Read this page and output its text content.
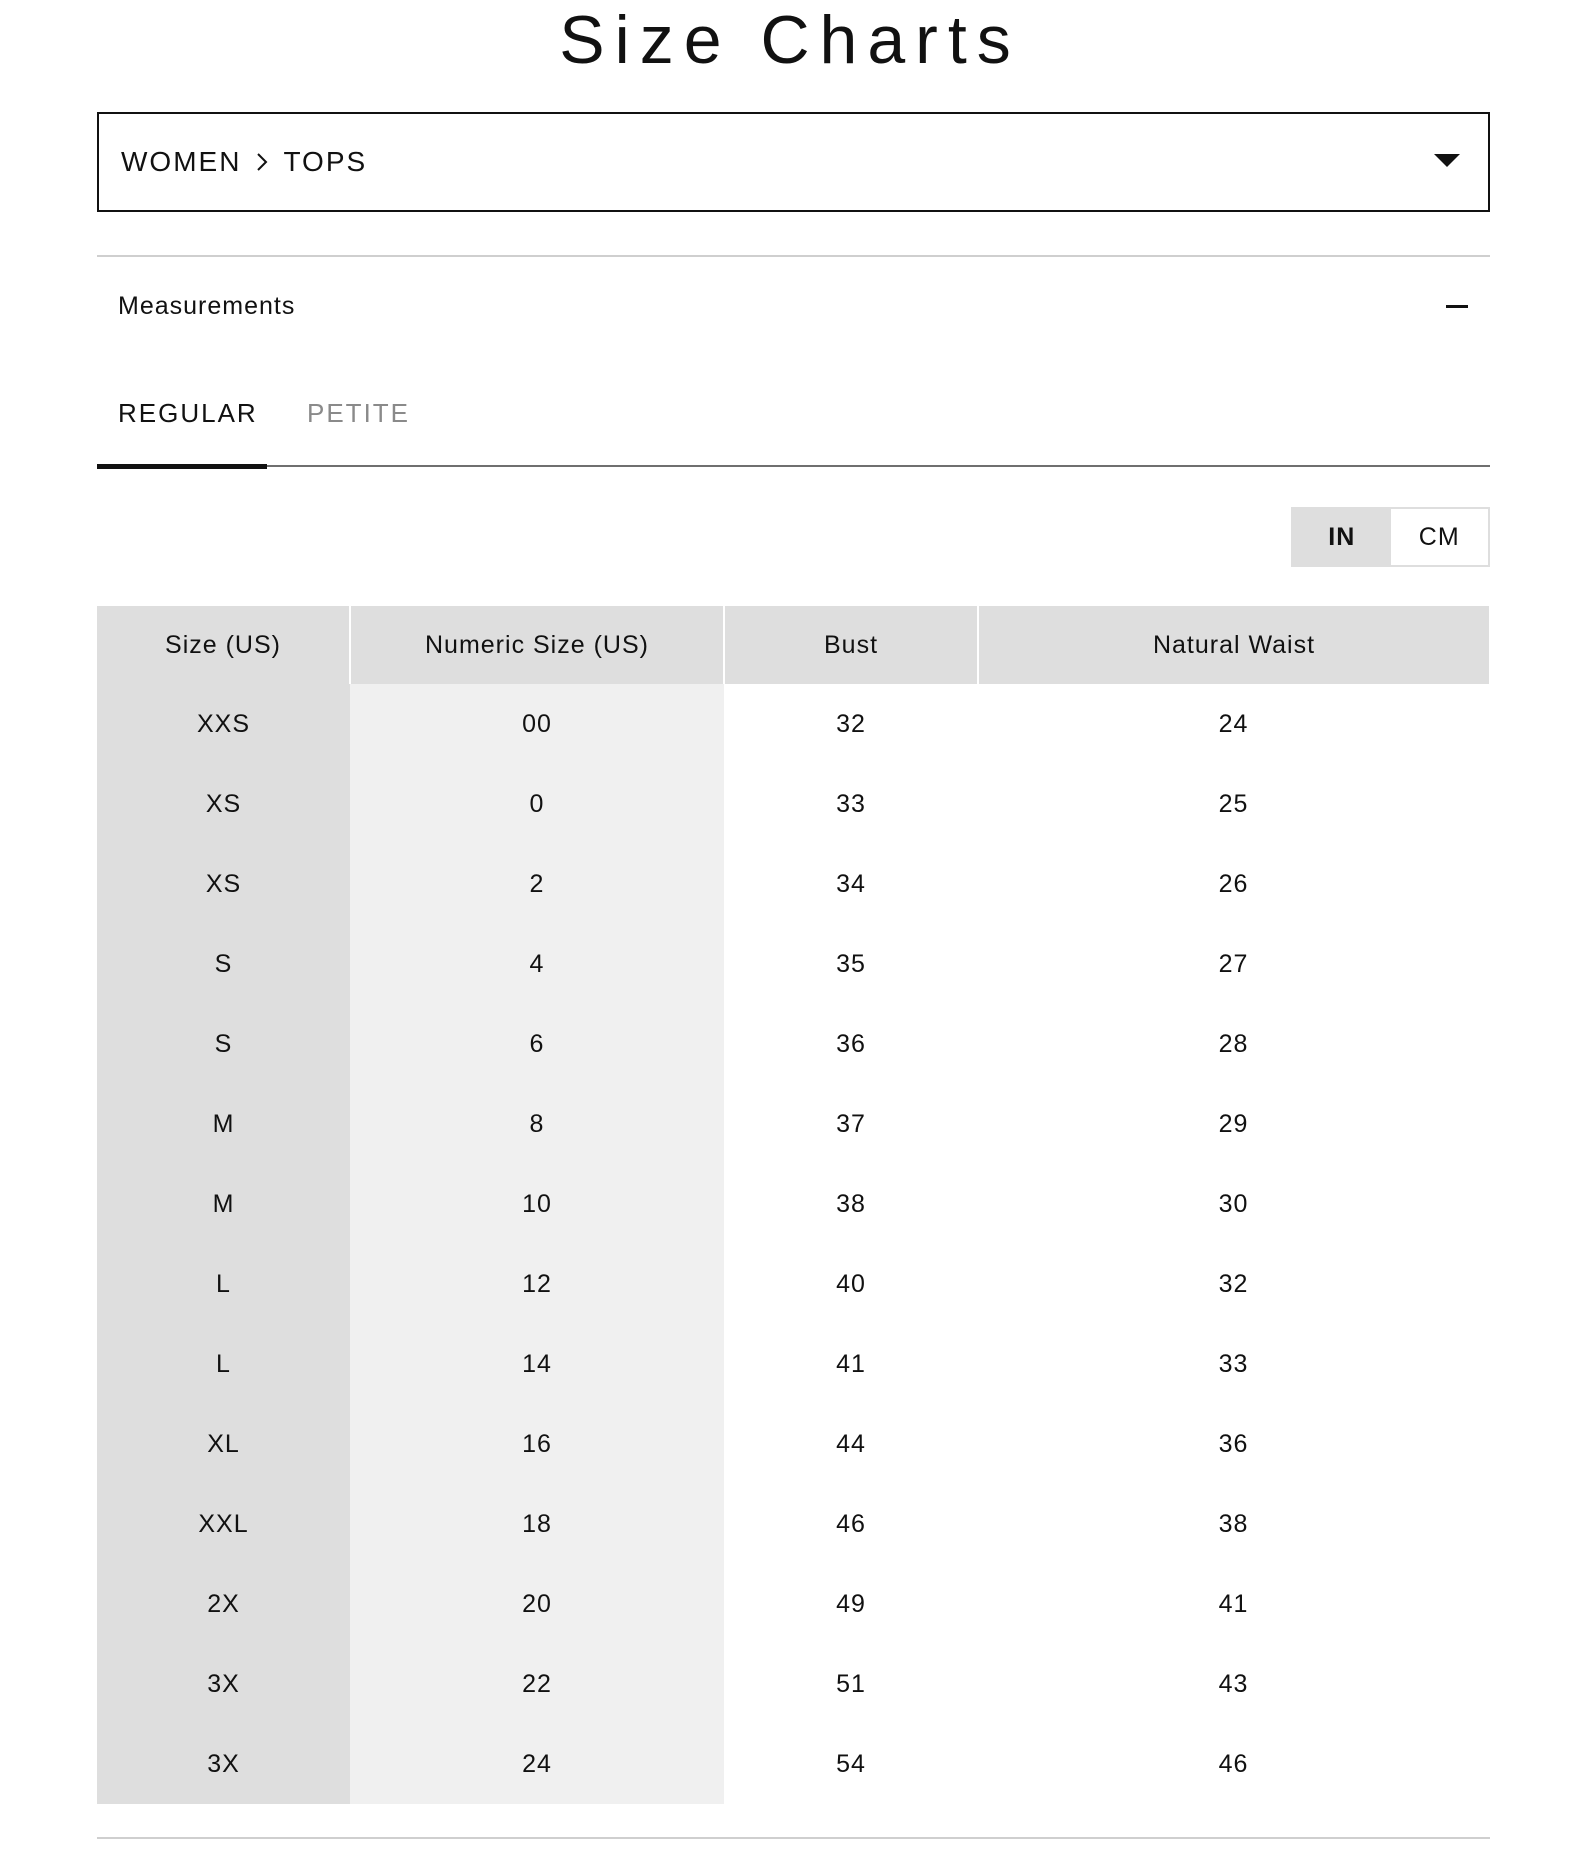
Size Charts
WOMEN TOPS
Measurements
REGULAR	PETITE
IN	CM
Size (US)	Numeric Size (US)	Bust	Natural Waist
XXS	00	32	24
XS	0	33	25
XS	2	34	26
S	4	35	27
S	6	36	28
M	8	37	29
M	10	38	30
L	12	40	32
L	14	41	33
XL	16	44	36
XXL	18	46	38
2X	20	49	41
3X	22	51	43
3X	24	54	46
